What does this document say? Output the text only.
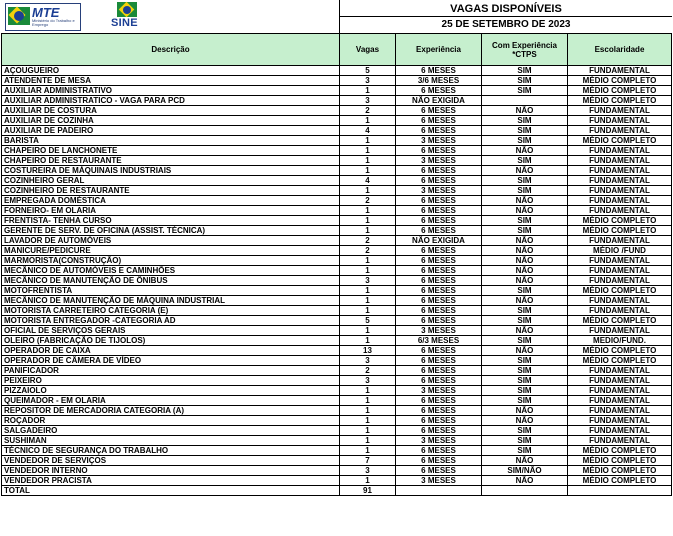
MTE
Ministério do Trabalho e Emprego	SINE
VAGAS DISPONÍVEIS
25 DE SETEMBRO DE 2023
Descrição	Vagas	Experiência	Com Experiência *CTPS	Escolaridade
AÇOUGUEIRO	5	6 MESES	SIM	FUNDAMENTAL
ATENDENTE DE MESA	3	3/6 MESES	SIM	MÉDIO COMPLETO
AUXILIAR ADMINISTRATIVO	1	6 MESES	SIM	MÉDIO COMPLETO
AUXILIAR ADMINISTRATICO - VAGA PARA PCD	3	NÃO EXIGIDA		MÉDIO COMPLETO
AUXILIAR DE COSTURA	2	6 MESES	NÃO	FUNDAMENTAL
AUXILIAR DE COZINHA	1	6 MESES	SIM	FUNDAMENTAL
AUXILIAR DE PADEIRO	4	6 MESES	SIM	FUNDAMENTAL
BARISTA	1	3 MESES	SIM	MÉDIO COMPLETO
CHAPEIRO DE LANCHONETE	1	6 MESES	NÃO	FUNDAMENTAL
CHAPEIRO DE RESTAURANTE	1	3 MESES	SIM	FUNDAMENTAL
COSTUREIRA DE MÁQUINAIS INDUSTRIAIS	1	6 MESES	NÃO	FUNDAMENTAL
COZINHEIRO GERAL	4	6 MESES	SIM	FUNDAMENTAL
COZINHEIRO DE RESTAURANTE	1	3 MESES	SIM	FUNDAMENTAL
EMPREGADA DOMÉSTICA	2	6 MESES	NÃO	FUNDAMENTAL
FORNEIRO- EM OLARIA	1	6 MESES	NÃO	FUNDAMENTAL
FRENTISTA- TENHA CURSO	1	6 MESES	SIM	MÉDIO COMPLETO
GERENTE DE SERV. DE OFICINA (ASSIST. TÉCNICA)	1	6 MESES	SIM	MÉDIO COMPLETO
LAVADOR DE AUTOMÓVEIS	2	NÃO EXIGIDA	NÃO	FUNDAMENTAL
MANICURE/PEDICURE	2	6 MESES	NÃO	MÉDIO /FUND
MARMORISTA(CONSTRUÇÃO)	1	6 MESES	NÃO	FUNDAMENTAL
MECÂNICO DE AUTOMÓVEIS E CAMINHÕES	1	6 MESES	NÃO	FUNDAMENTAL
MECÂNICO DE MANUTENÇÃO DE ÔNIBUS	3	6 MESES	NÃO	FUNDAMENTAL
MOTOFRENTISTA	1	6 MESES	SIM	MÉDIO COMPLETO
MECÂNICO DE MANUTENÇÃO DE MÁQUINA INDUSTRIAL	1	6 MESES	NÃO	FUNDAMENTAL
MOTORISTA CARRETEIRO CATEGORIA (E)	1	6 MESES	SIM	FUNDAMENTAL
MOTORISTA ENTREGADOR -CATEGORIA AD	5	6 MESES	SIM	MÉDIO COMPLETO
OFICIAL DE SERVIÇOS GERAIS	1	3 MESES	NÃO	FUNDAMENTAL
OLEIRO (FABRICAÇÃO DE TIJOLOS)	1	6/3 MESES	SIM	MEDIO/FUND.
OPERADOR DE CAIXA	13	6 MESES	NÃO	MÉDIO COMPLETO
OPERADOR DE CÂMERA DE VÍDEO	3	6 MESES	SIM	MÉDIO COMPLETO
PANIFICADOR	2	6 MESES	SIM	FUNDAMENTAL
PEIXEIRO	3	6 MESES	SIM	FUNDAMENTAL
PIZZAIOLO	1	3 MESES	SIM	FUNDAMENTAL
QUEIMADOR - EM OLARIA	1	6 MESES	SIM	FUNDAMENTAL
REPOSITOR DE MERCADORIA CATEGORIA (A)	1	6 MESES	NÃO	FUNDAMENTAL
ROÇADOR	1	6 MESES	NÃO	FUNDAMENTAL
SALGADEIRO	1	6 MESES	SIM	FUNDAMENTAL
SUSHIMAN	1	3 MESES	SIM	FUNDAMENTAL
TÉCNICO DE SEGURANÇA DO TRABALHO	1	6 MESES	SIM	MÉDIO COMPLETO
VENDEDOR DE SERVIÇOS	7	6 MESES	NÃO	MÉDIO COMPLETO
VENDEDOR INTERNO	3	6 MESES	SIM/NÃO	MÉDIO COMPLETO
VENDEDOR PRACISTA	1	3 MESES	NÃO	MÉDIO COMPLETO
TOTAL	91			
